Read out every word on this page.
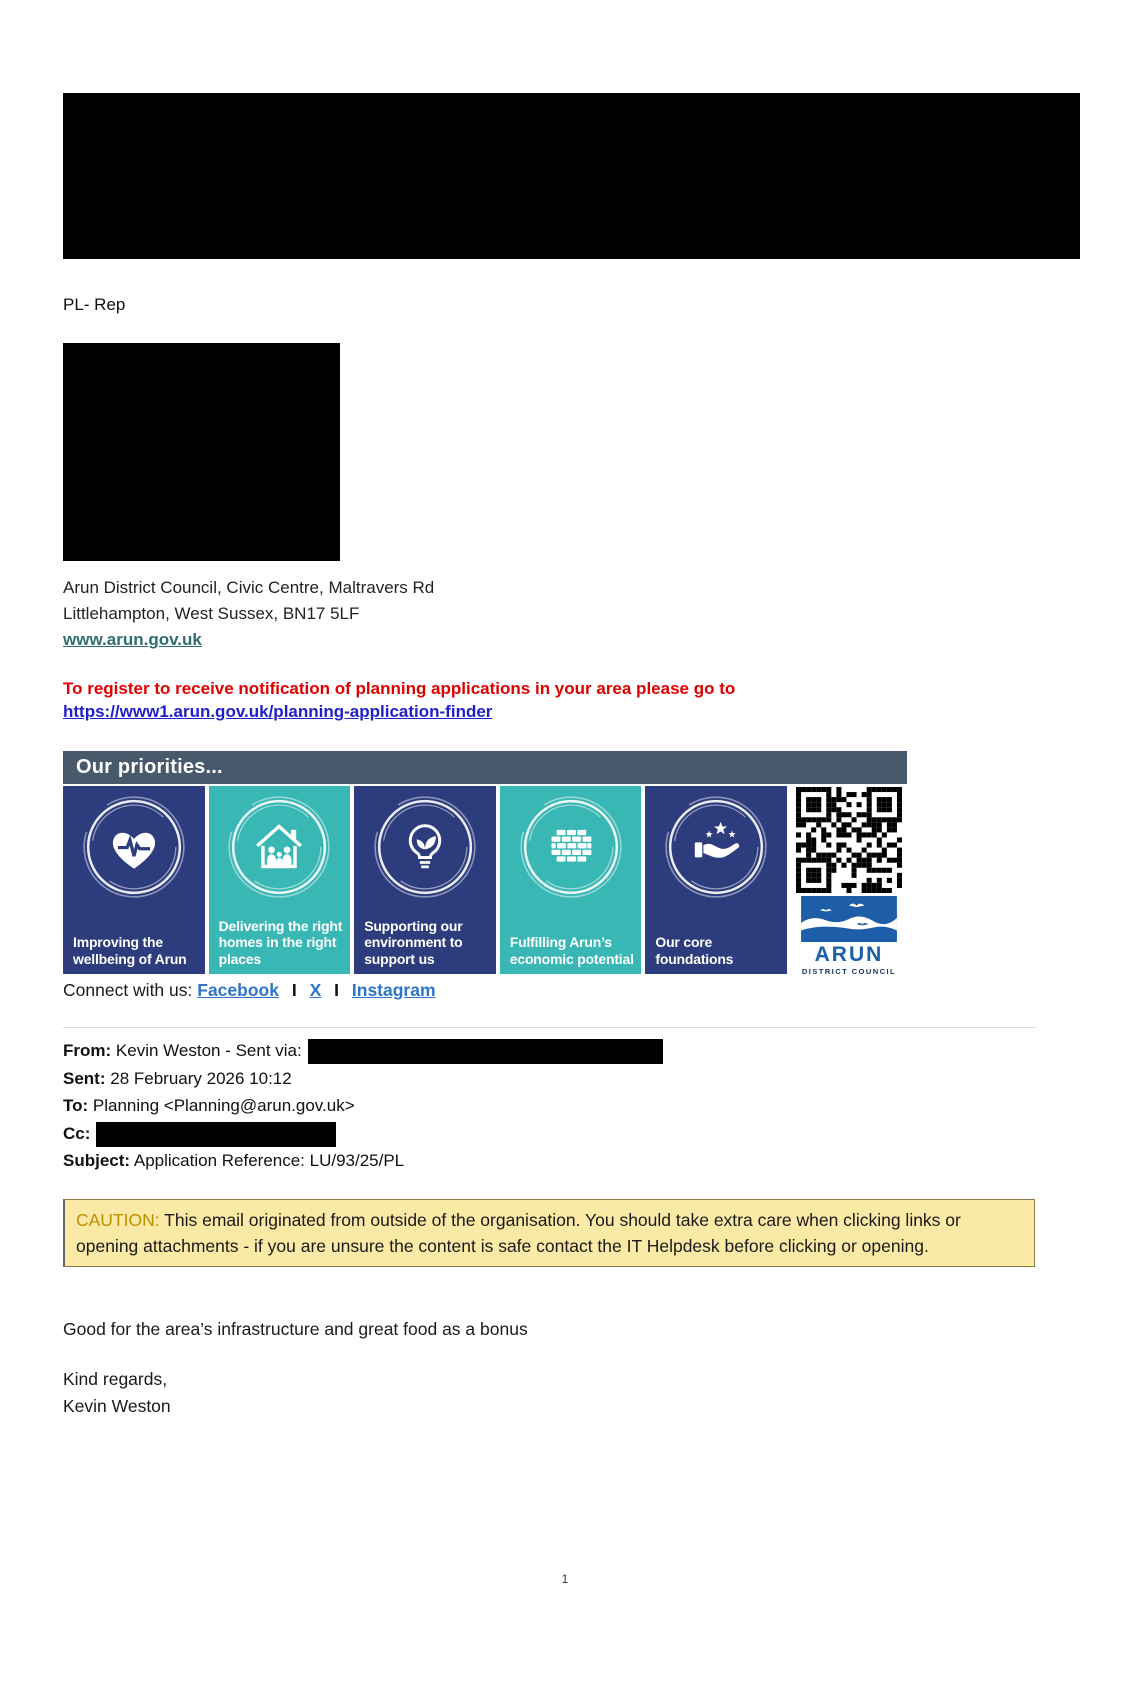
PL- Rep
Arun District Council, Civic Centre, Maltravers Rd
Littlehampton, West Sussex, BN17 5LF
www.arun.gov.uk
To register to receive notification of planning applications in your area please go to
https://www1.arun.gov.uk/planning-application-finder
Our priorities...
Improving the wellbeing of Arun
Delivering the right homes in the right places
Supporting our environment to support us
Fulfilling Arun’s economic potential
Our core foundations	ARUN
DISTRICT COUNCIL
Connect with us: Facebook I X I Instagram
From: Kevin Weston - Sent via:
Sent: 28 February 2026 10:12
To: Planning <Planning@arun.gov.uk>
Cc:
Subject: Application Reference: LU/93/25/PL
CAUTION: This email originated from outside of the organisation. You should take extra care when clicking links or opening attachments - if you are unsure the content is safe contact the IT Helpdesk before clicking or opening.
Good for the area’s infrastructure and great food as a bonus
Kind regards,
Kevin Weston
1
